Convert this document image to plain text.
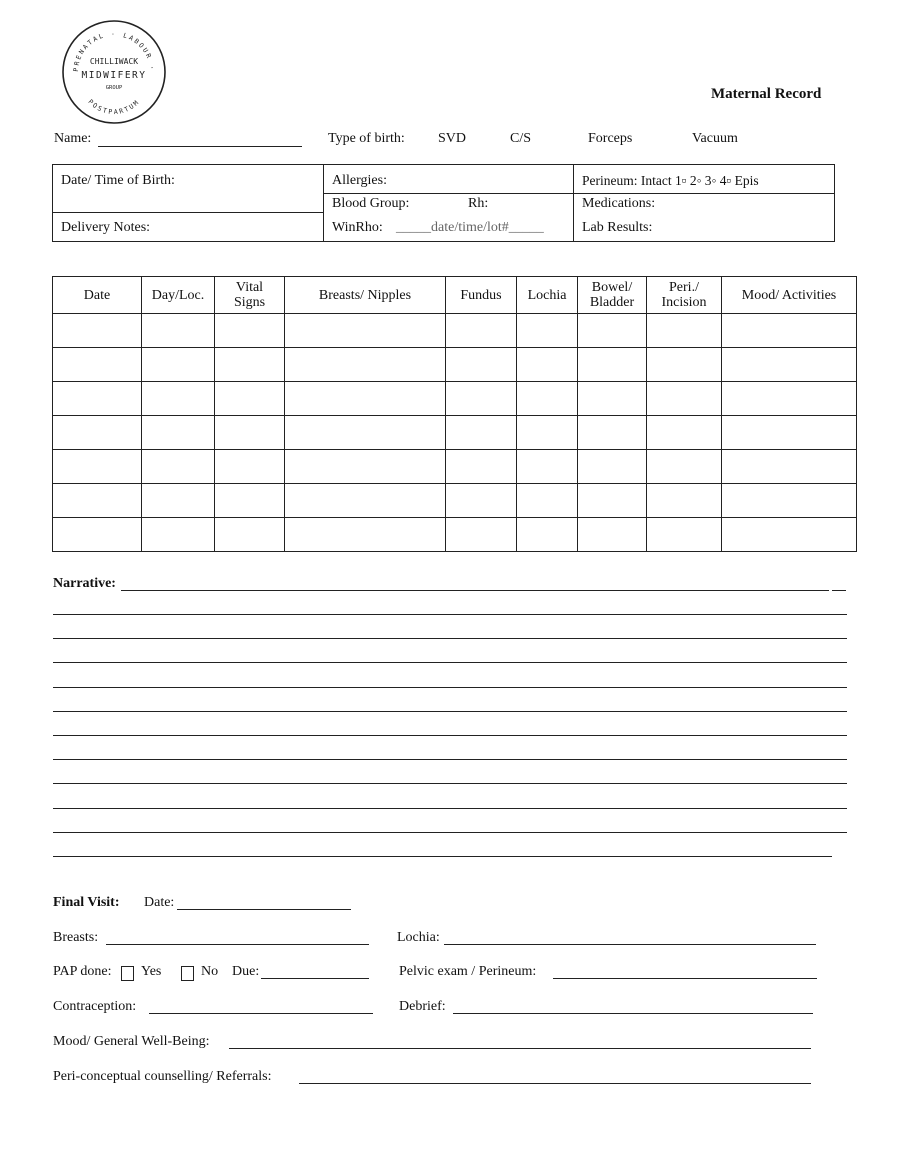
PRENATAL · LABOUR ·
POSTPARTUM
CHILLIWACK
MIDWIFERY
GROUP	Maternal Record
Name:	Type of birth: SVD	C/S	Forceps	Vacuum
Date/ Time of Birth:
Delivery Notes:
Allergies:
Blood Group:	Rh:
WinRho: _____date/time/lot#_____
Perineum: Intact 1▫ 2◦ 3◦ 4▫ Epis
Medications:
Lab Results:
Date	Day/Loc.	Vital Signs	Breasts/ Nipples	Fundus	Lochia	Bowel/ Bladder	Peri./ Incision	Mood/ Activities

Narrative:
Final Visit: Date:
Breasts:	Lochia:
PAP done: Yes	No Due:	Pelvic exam / Perineum:
Contraception:	Debrief:
Mood/ General Well-Being:
Peri-conceptual counselling/ Referrals:
